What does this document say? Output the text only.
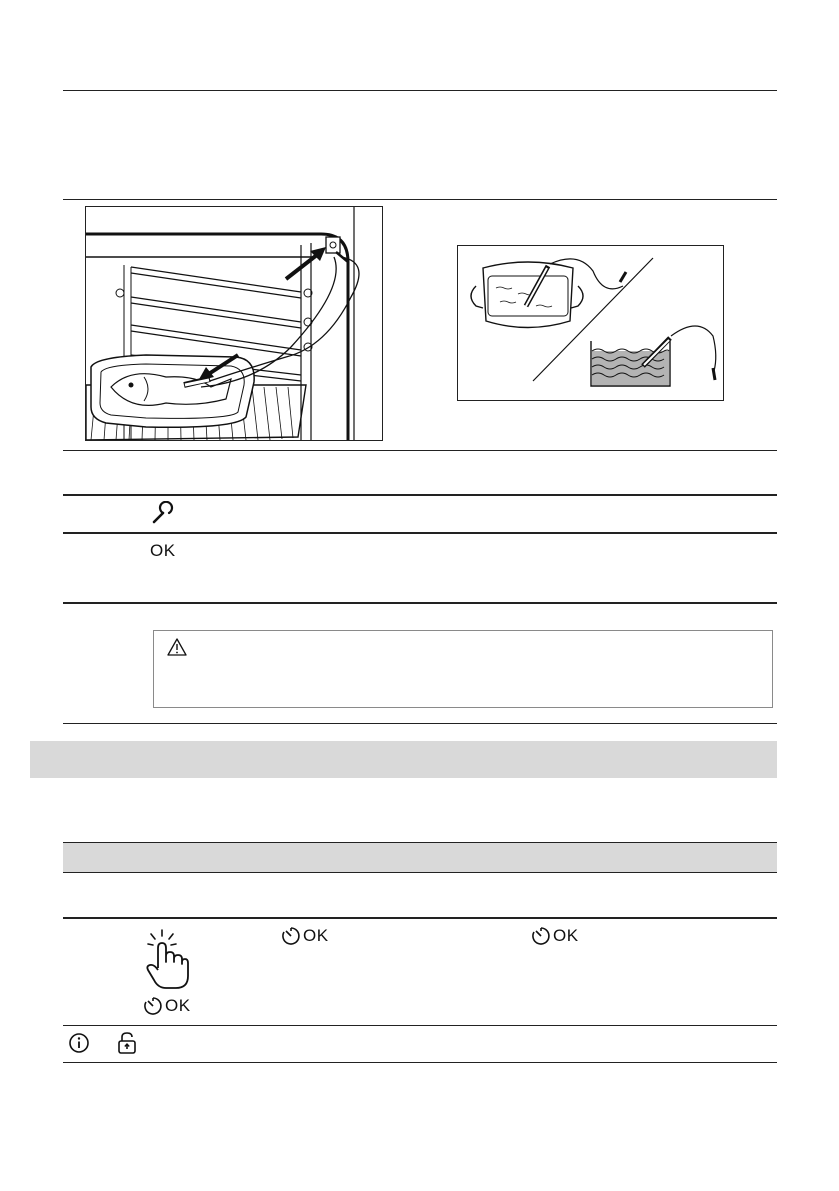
OK
OK
OK	OK
